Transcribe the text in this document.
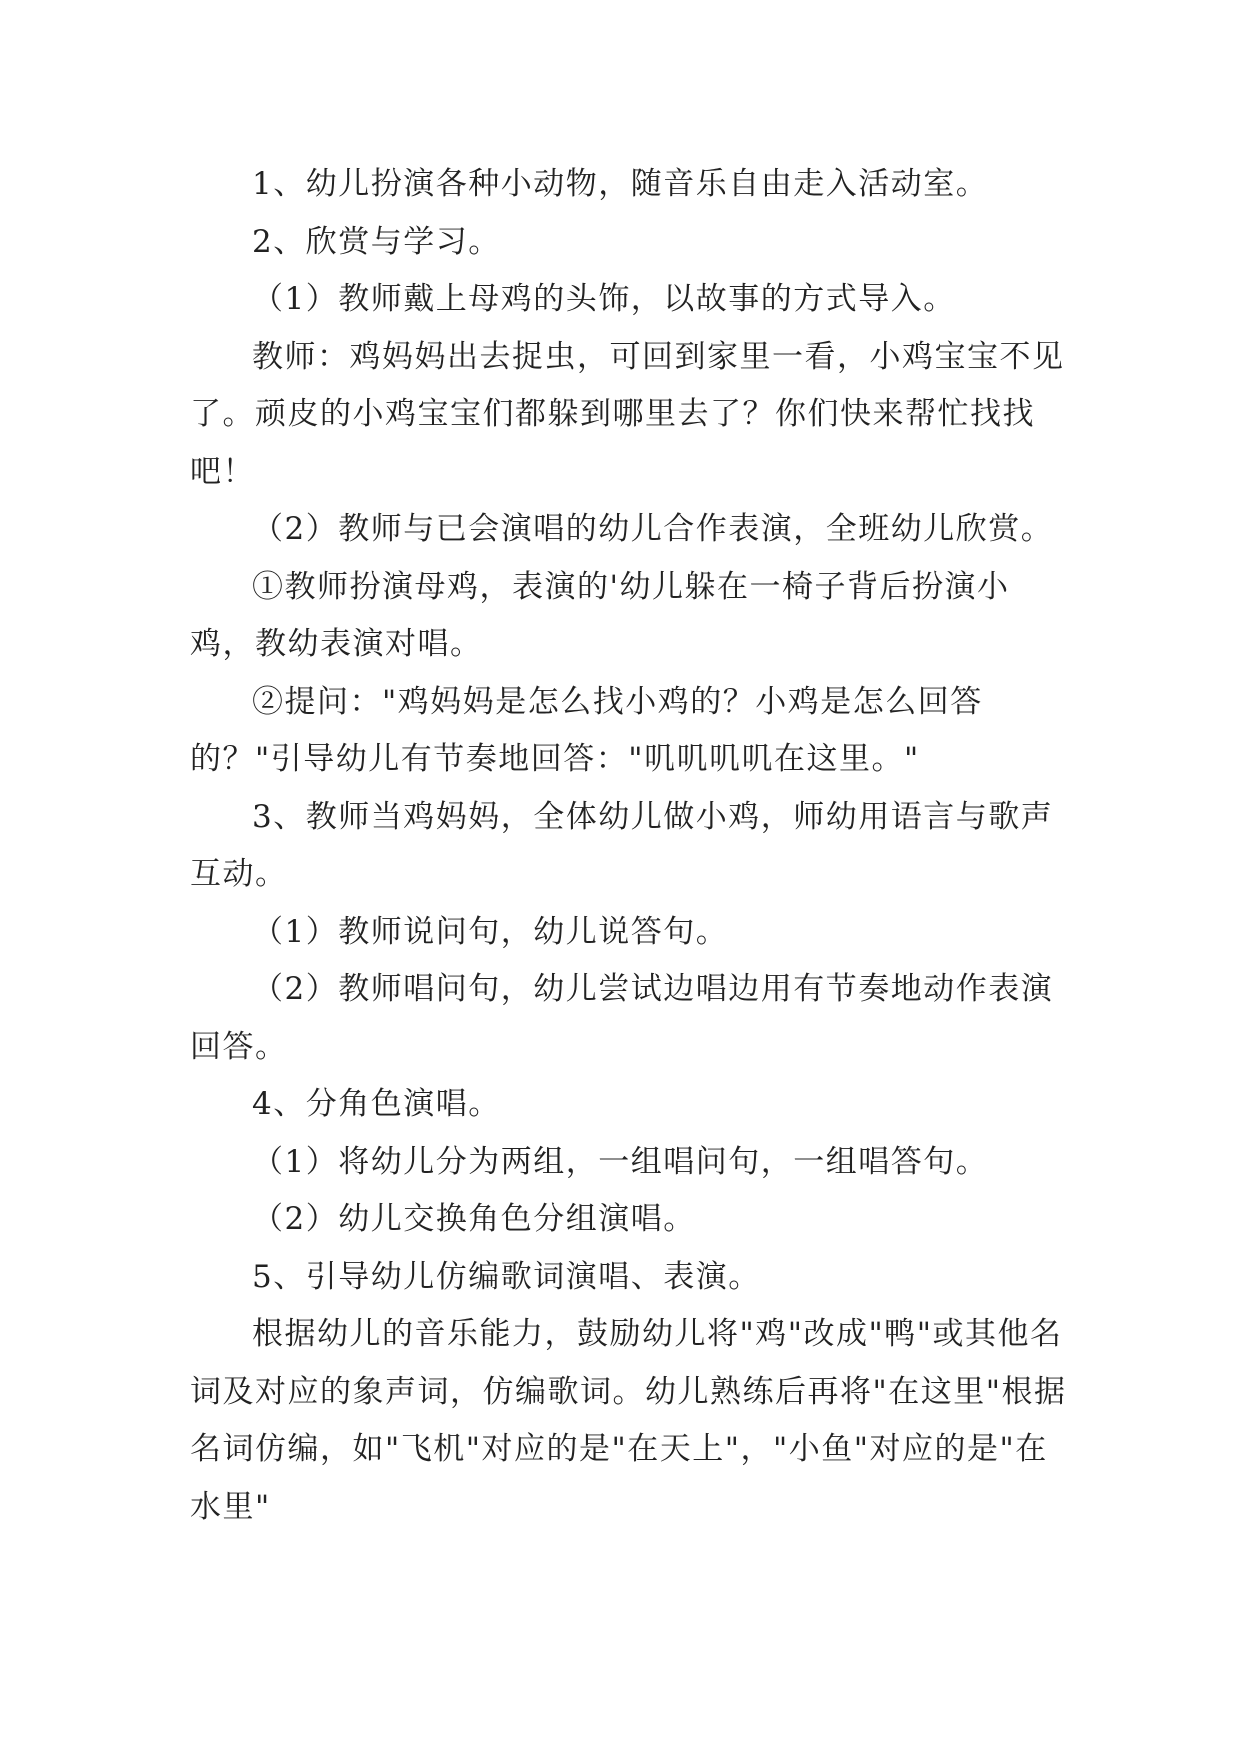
1、幼儿扮演各种小动物，随音乐自由走入活动室。

2、欣赏与学习。

（1）教师戴上母鸡的头饰，以故事的方式导入。

教师：鸡妈妈出去捉虫，可回到家里一看，小鸡宝宝不见了。顽皮的小鸡宝宝们都躲到哪里去了？你们快来帮忙找找吧！

（2）教师与已会演唱的幼儿合作表演，全班幼儿欣赏。

①教师扮演母鸡，表演的'幼儿躲在一椅子背后扮演小鸡，教幼表演对唱。

②提问："鸡妈妈是怎么找小鸡的？小鸡是怎么回答的？"引导幼儿有节奏地回答："叽叽叽叽在这里。"

3、教师当鸡妈妈，全体幼儿做小鸡，师幼用语言与歌声互动。

（1）教师说问句，幼儿说答句。

（2）教师唱问句，幼儿尝试边唱边用有节奏地动作表演回答。

4、分角色演唱。

（1）将幼儿分为两组，一组唱问句，一组唱答句。

（2）幼儿交换角色分组演唱。

5、引导幼儿仿编歌词演唱、表演。

根据幼儿的音乐能力，鼓励幼儿将"鸡"改成"鸭"或其他名词及对应的象声词，仿编歌词。幼儿熟练后再将"在这里"根据名词仿编，如"飞机"对应的是"在天上"，"小鱼"对应的是"在水里"
